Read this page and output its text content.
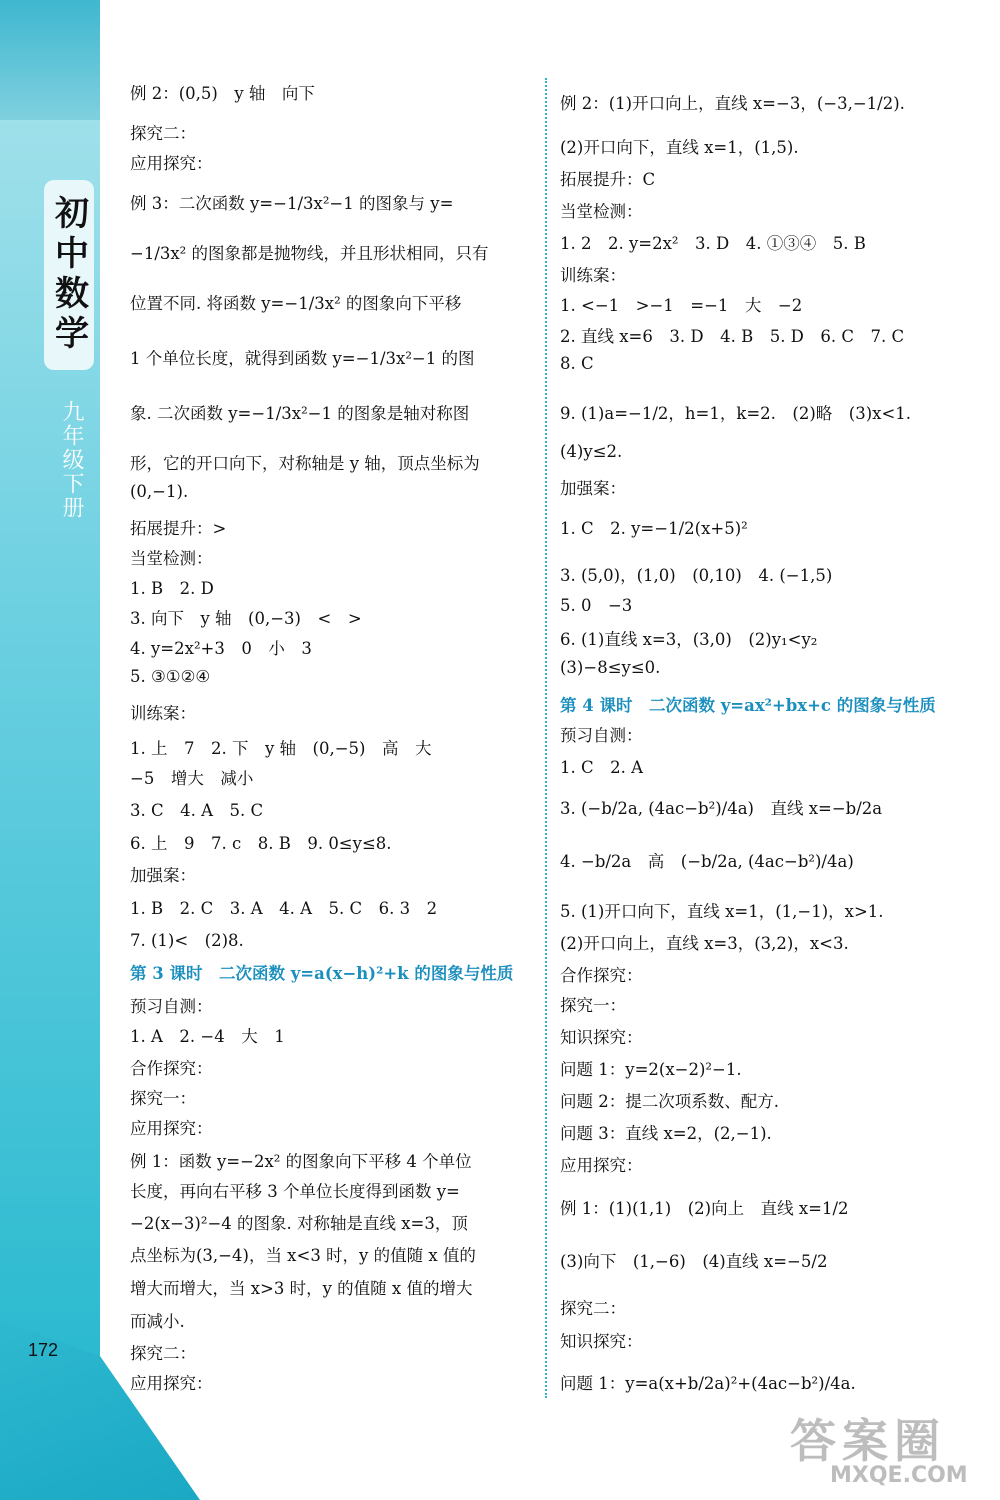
初中数学
九年级下册
172
例 2：(0,5)　y 轴　向下
探究二：
应用探究：
例 3：二次函数 y=−1/3x²−1 的图象与 y=
−1/3x² 的图象都是抛物线，并且形状相同，只有
位置不同. 将函数 y=−1/3x² 的图象向下平移
1 个单位长度，就得到函数 y=−1/3x²−1 的图
象. 二次函数 y=−1/3x²−1 的图象是轴对称图
形，它的开口向下，对称轴是 y 轴，顶点坐标为
(0,−1).
拓展提升：>
当堂检测：
1. B　2. D
3. 向下　y 轴　(0,−3)　<　>
4. y=2x²+3　0　小　3
5. ③①②④
训练案：
1. 上　7　2. 下　y 轴　(0,−5)　高　大
−5　增大　减小
3. C　4. A　5. C
6. 上　9　7. c　8. B　9. 0≤y≤8.
加强案：
1. B　2. C　3. A　4. A　5. C　6. 3　2
7. (1)<　(2)8.
第 3 课时　二次函数 y=a(x−h)²+k 的图象与性质
预习自测：
1. A　2. −4　大　1
合作探究：
探究一：
应用探究：
例 1：函数 y=−2x² 的图象向下平移 4 个单位
长度，再向右平移 3 个单位长度得到函数 y=
−2(x−3)²−4 的图象. 对称轴是直线 x=3，顶
点坐标为(3,−4)，当 x<3 时，y 的值随 x 值的
增大而增大，当 x>3 时，y 的值随 x 值的增大
而减小.
探究二：
应用探究：
例 2：(1)开口向上，直线 x=−3，(−3,−1/2).
(2)开口向下，直线 x=1，(1,5).
拓展提升：C
当堂检测：
1. 2　2. y=2x²　3. D　4. ①③④　5. B
训练案：
1. <−1　>−1　=−1　大　−2
2. 直线 x=6　3. D　4. B　5. D　6. C　7. C
8. C
9. (1)a=−1/2，h=1，k=2.　(2)略　(3)x<1.
(4)y≤2.
加强案：
1. C　2. y=−1/2(x+5)²
3. (5,0)，(1,0)　(0,10)　4. (−1,5)
5. 0　−3
6. (1)直线 x=3，(3,0)　(2)y₁<y₂
(3)−8≤y≤0.
第 4 课时　二次函数 y=ax²+bx+c 的图象与性质
预习自测：
1. C　2. A
3. (−b/2a, (4ac−b²)/4a)　直线 x=−b/2a
4. −b/2a　高　(−b/2a, (4ac−b²)/4a)
5. (1)开口向下，直线 x=1，(1,−1)，x>1.
(2)开口向上，直线 x=3，(3,2)，x<3.
合作探究：
探究一：
知识探究：
问题 1：y=2(x−2)²−1.
问题 2：提二次项系数、配方.
问题 3：直线 x=2，(2,−1).
应用探究：
例 1：(1)(1,1)　(2)向上　直线 x=1/2
(3)向下　(1,−6)　(4)直线 x=−5/2
探究二：
知识探究：
问题 1：y=a(x+b/2a)²+(4ac−b²)/4a.
答案圈
MXQE.COM
